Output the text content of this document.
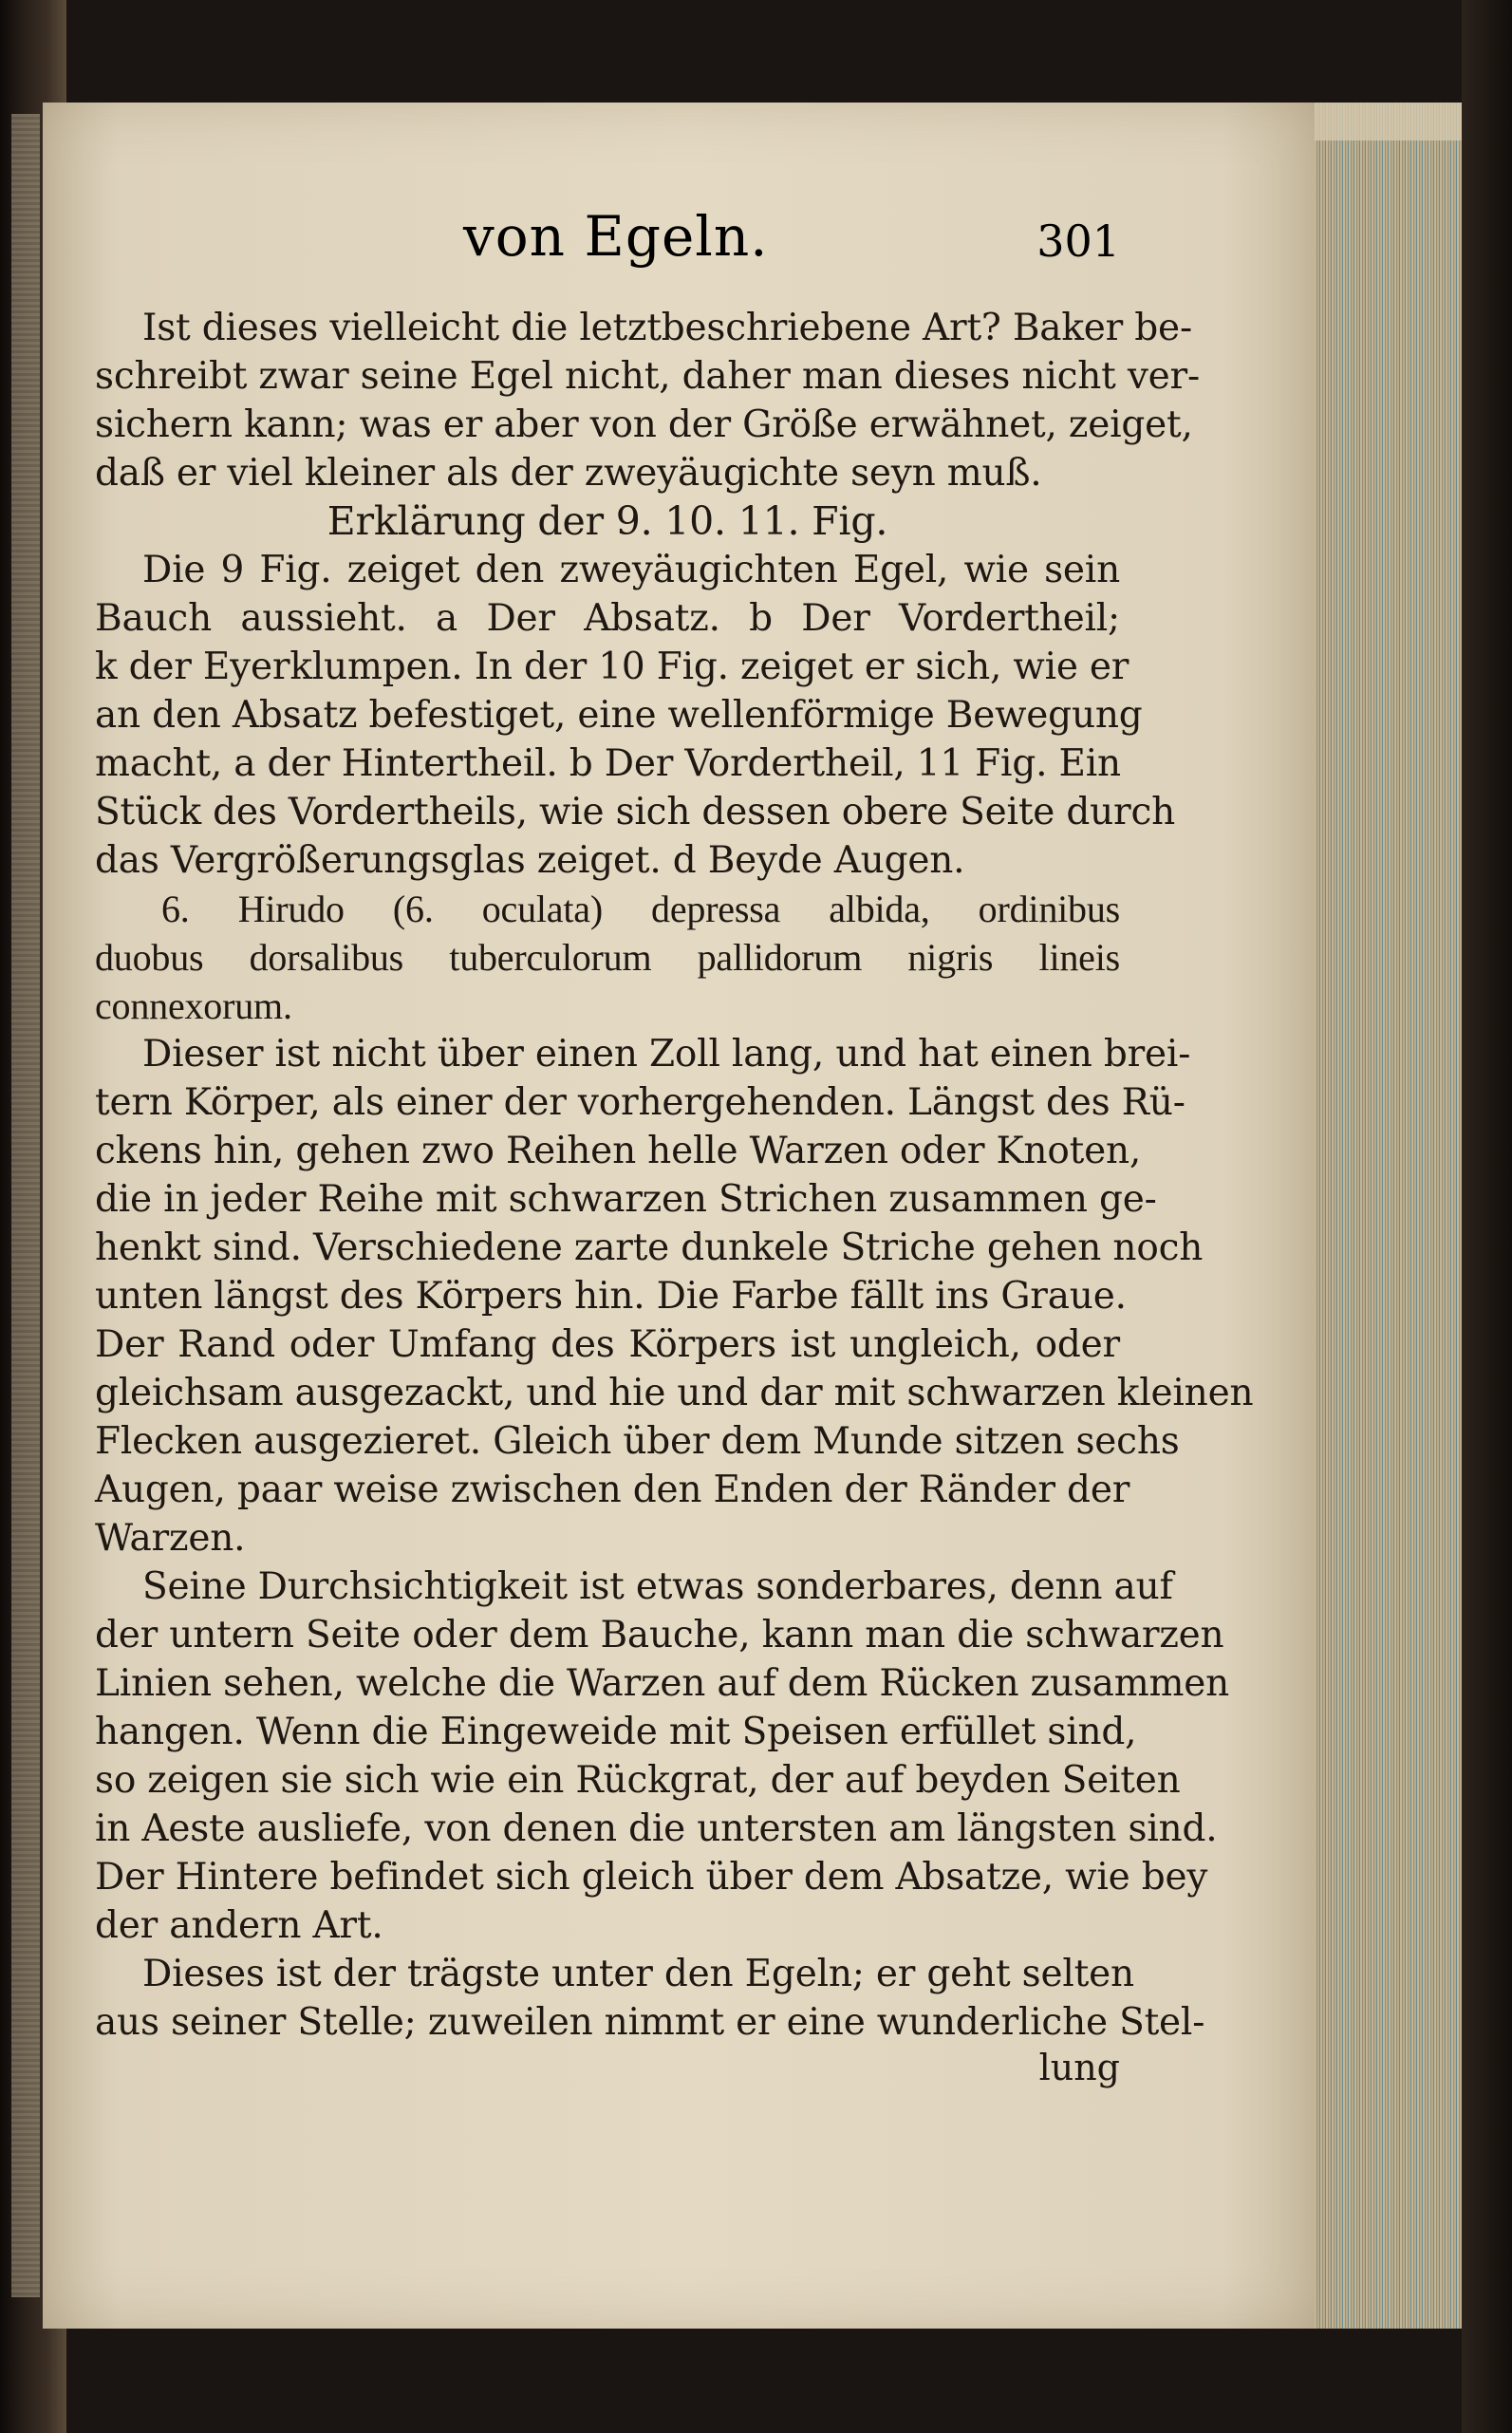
von Egeln.	301
Ist dieses vielleicht die letztbeschriebene Art? Baker be-
schreibt zwar seine Egel nicht, daher man dieses nicht ver-
sichern kann; was er aber von der Größe erwähnet, zeiget,
daß er viel kleiner als der zweyäugichte seyn muß.
Erklärung der 9. 10. 11. Fig.
Die 9 Fig. zeiget den zweyäugichten Egel, wie sein
Bauch aussieht. a Der Absatz. b Der Vordertheil;
k der Eyerklumpen. In der 10 Fig. zeiget er sich, wie er
an den Absatz befestiget, eine wellenförmige Bewegung
macht, a der Hintertheil. b Der Vordertheil, 11 Fig. Ein
Stück des Vordertheils, wie sich dessen obere Seite durch
das Vergrößerungsglas zeiget. d Beyde Augen.
6. Hirudo (6. oculata) depressa albida, ordinibus
duobus dorsalibus tuberculorum pallidorum nigris lineis
connexorum.
Dieser ist nicht über einen Zoll lang, und hat einen brei-
tern Körper, als einer der vorhergehenden. Längst des Rü-
ckens hin, gehen zwo Reihen helle Warzen oder Knoten,
die in jeder Reihe mit schwarzen Strichen zusammen ge-
henkt sind. Verschiedene zarte dunkele Striche gehen noch
unten längst des Körpers hin. Die Farbe fällt ins Graue.
Der Rand oder Umfang des Körpers ist ungleich, oder
gleichsam ausgezackt, und hie und dar mit schwarzen kleinen
Flecken ausgezieret. Gleich über dem Munde sitzen sechs
Augen, paar weise zwischen den Enden der Ränder der
Warzen.
Seine Durchsichtigkeit ist etwas sonderbares, denn auf
der untern Seite oder dem Bauche, kann man die schwarzen
Linien sehen, welche die Warzen auf dem Rücken zusammen
hangen. Wenn die Eingeweide mit Speisen erfüllet sind,
so zeigen sie sich wie ein Rückgrat, der auf beyden Seiten
in Aeste ausliefe, von denen die untersten am längsten sind.
Der Hintere befindet sich gleich über dem Absatze, wie bey
der andern Art.
Dieses ist der trägste unter den Egeln; er geht selten
aus seiner Stelle; zuweilen nimmt er eine wunderliche Stel-
lung
